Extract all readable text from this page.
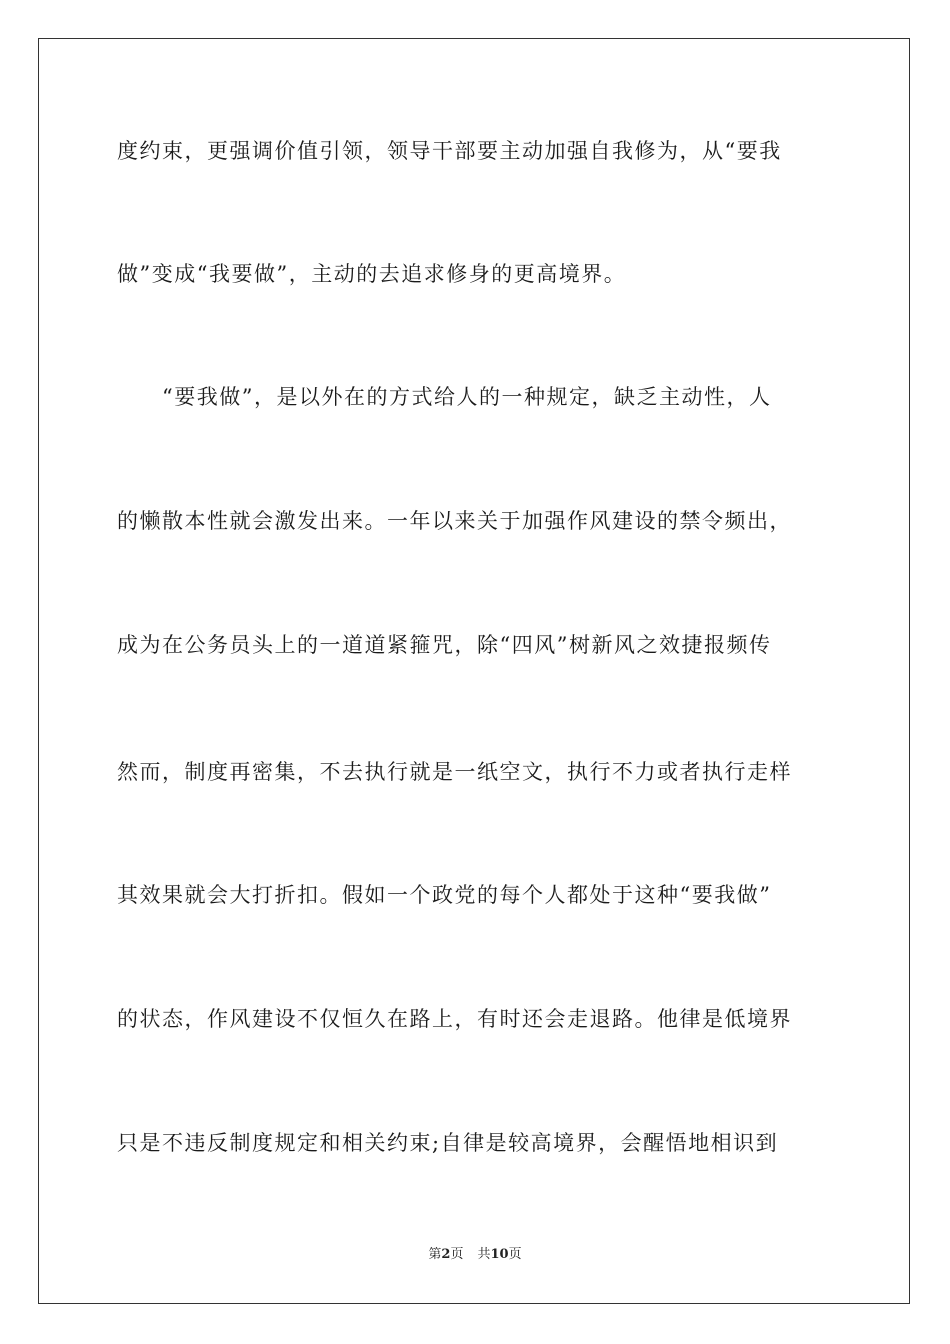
度约束，更强调价值引领，领导干部要主动加强自我修为，从“要我
做”变成“我要做”，主动的去追求修身的更高境界。
　　“要我做”，是以外在的方式给人的一种规定，缺乏主动性，人
的懒散本性就会激发出来。一年以来关于加强作风建设的禁令频出，
成为在公务员头上的一道道紧箍咒，除“四风”树新风之效捷报频传
然而，制度再密集，不去执行就是一纸空文，执行不力或者执行走样
其效果就会大打折扣。假如一个政党的每个人都处于这种“要我做”
的状态，作风建设不仅恒久在路上，有时还会走退路。他律是低境界
只是不违反制度规定和相关约束;自律是较高境界，会醒悟地相识到
第2页 共10页
